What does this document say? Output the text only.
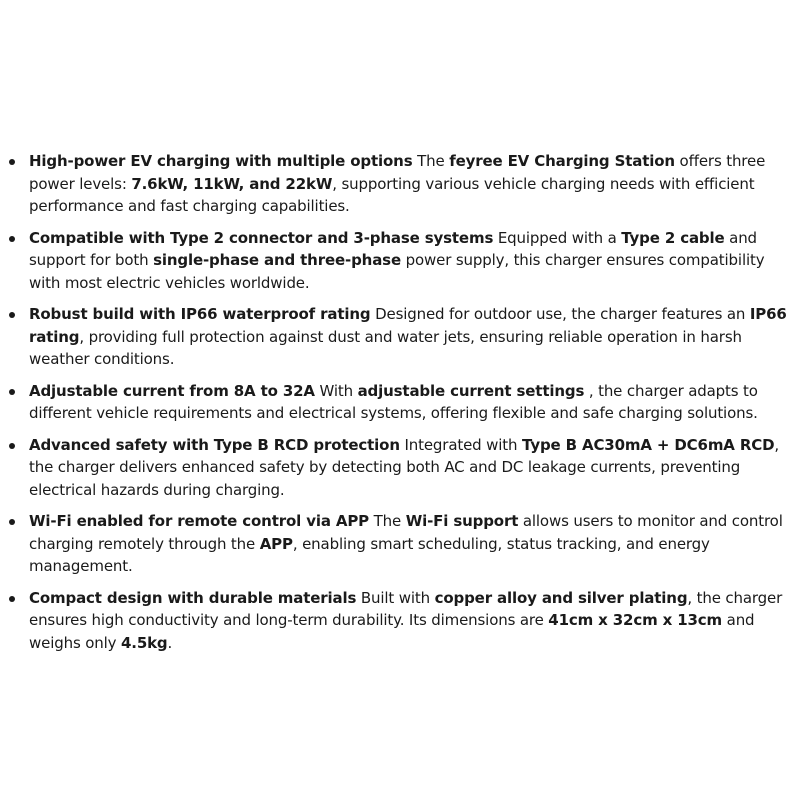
High-power EV charging with multiple options The feyree EV Charging Station offers three power levels: 7.6kW, 11kW, and 22kW, supporting various vehicle charging needs with efficient performance and fast charging capabilities.
Compatible with Type 2 connector and 3-phase systems Equipped with a Type 2 cable and support for both single-phase and three-phase power supply, this charger ensures compatibility with most electric vehicles worldwide.
Robust build with IP66 waterproof rating Designed for outdoor use, the charger features an IP66 rating, providing full protection against dust and water jets, ensuring reliable operation in harsh weather conditions.
Adjustable current from 8A to 32A With adjustable current settings , the charger adapts to different vehicle requirements and electrical systems, offering flexible and safe charging solutions.
Advanced safety with Type B RCD protection Integrated with Type B AC30mA + DC6mA RCD, the charger delivers enhanced safety by detecting both AC and DC leakage currents, preventing electrical hazards during charging.
Wi-Fi enabled for remote control via APP The Wi-Fi support allows users to monitor and control charging remotely through the APP, enabling smart scheduling, status tracking, and energy management.
Compact design with durable materials Built with copper alloy and silver plating, the charger ensures high conductivity and long-term durability. Its dimensions are 41cm x 32cm x 13cm and weighs only 4.5kg.
